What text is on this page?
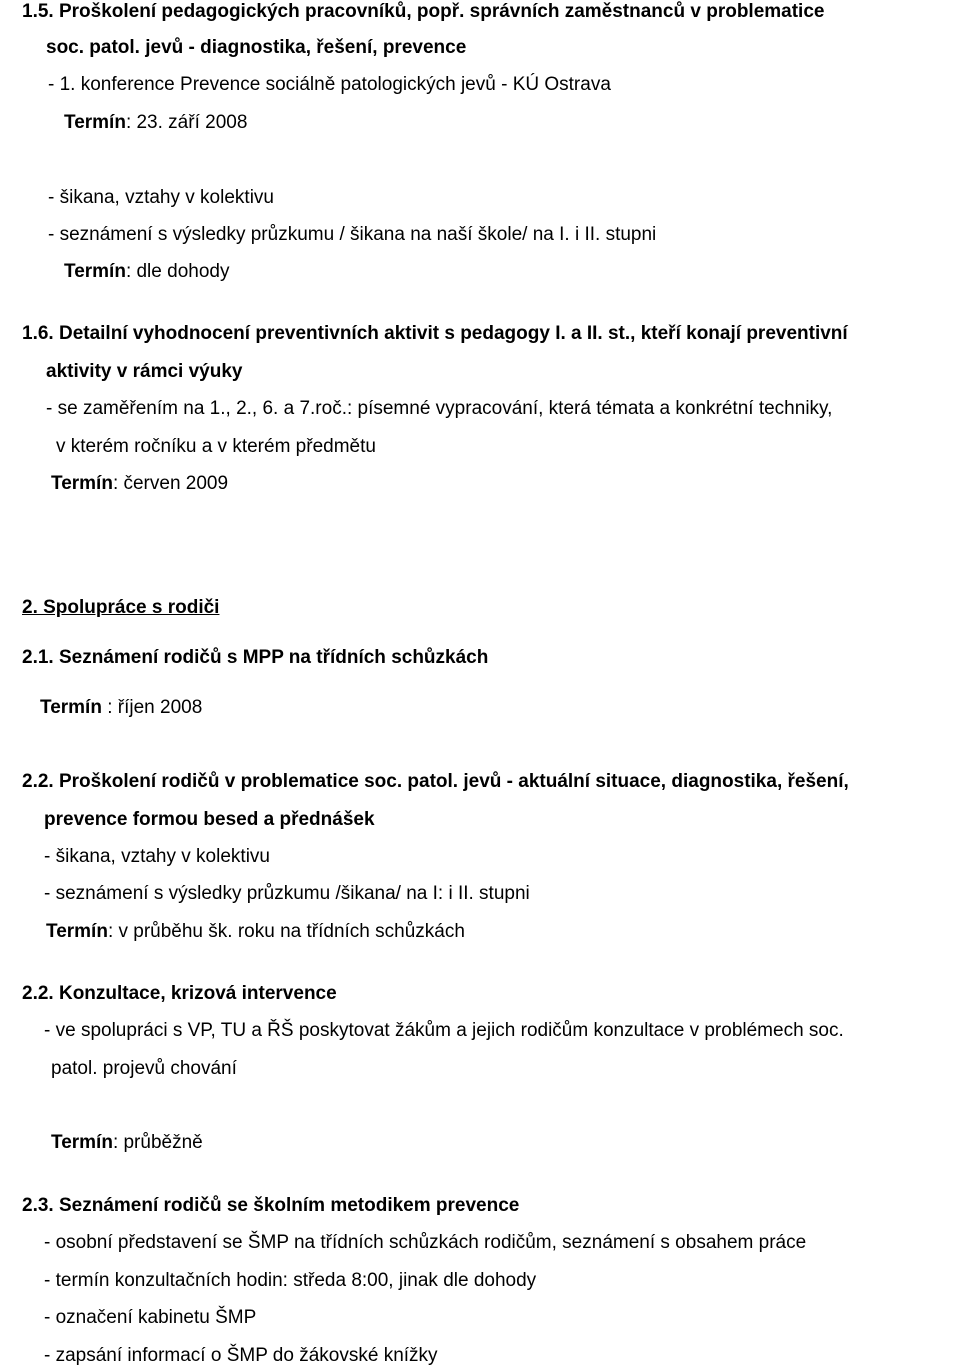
1.5. Proškolení pedagogických pracovníků, popř. správních zaměstnanců v problematice
soc. patol. jevů - diagnostika, řešení, prevence
- 1. konference Prevence sociálně patologických jevů - KÚ Ostrava
Termín: 23. září 2008
- šikana, vztahy v kolektivu
- seznámení s výsledky průzkumu / šikana na naší škole/ na I. i II. stupni
Termín: dle dohody
1.6. Detailní vyhodnocení preventivních aktivit s pedagogy I. a II. st., kteří konají preventivní
aktivity v rámci výuky
- se zaměřením na 1., 2., 6. a 7.roč.: písemné vypracování, která témata a konkrétní techniky,
v kterém ročníku a v kterém předmětu
Termín: červen 2009
2. Spolupráce s rodiči
2.1. Seznámení rodičů s MPP na třídních schůzkách
Termín : říjen 2008
2.2. Proškolení rodičů v problematice soc. patol. jevů - aktuální situace, diagnostika, řešení,
prevence formou besed a přednášek
- šikana, vztahy v kolektivu
- seznámení s výsledky průzkumu /šikana/ na I: i II. stupni
Termín: v průběhu šk. roku na třídních schůzkách
2.2. Konzultace, krizová intervence
- ve spolupráci s VP, TU a ŘŠ poskytovat žákům a jejich rodičům konzultace v problémech soc.
patol. projevů chování
Termín: průběžně
2.3. Seznámení rodičů se školním metodikem prevence
- osobní představení se ŠMP na třídních schůzkách rodičům, seznámení s obsahem práce
- termín konzultačních hodin: středa 8:00, jinak dle dohody
- označení kabinetu ŠMP
- zapsání informací o ŠMP do žákovské knížky
